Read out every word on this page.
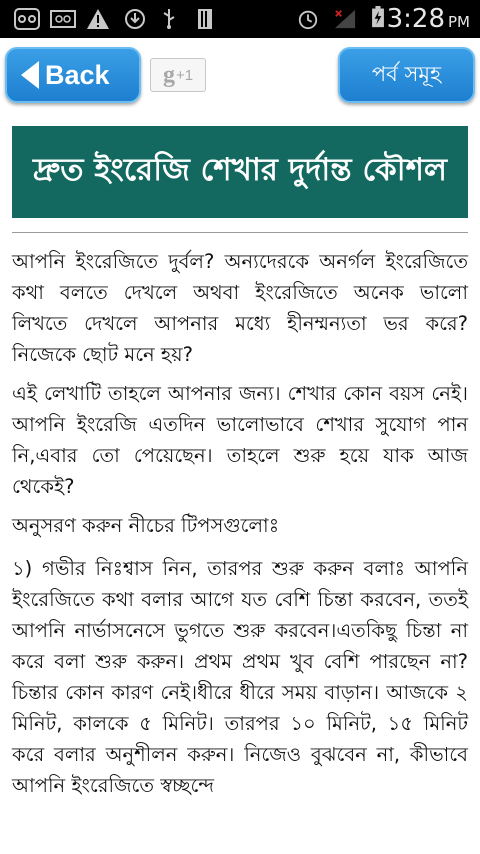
3:28 PM
Back g +1	পর্ব সমূহ
দ্রুত ইংরেজি শেখার দুর্দান্ত কৌশল

আপনি ইংরেজিতে দুর্বল? অন্যদেরকে অনর্গল ইংরেজিতে কথা বলতে দেখলে অথবা ইংরেজিতে অনেক ভালো লিখতে দেখলে আপনার মধ্যে হীনম্মন্যতা ভর করে? নিজেকে ছোট মনে হয়?

এই লেখাটি তাহলে আপনার জন্য। শেখার কোন বয়স নেই। আপনি ইংরেজি এতদিন ভালোভাবে শেখার সুযোগ পান নি,এবার তো পেয়েছেন। তাহলে শুরু হয়ে যাক আজ থেকেই?

অনুসরণ করুন নীচের টিপসগুলোঃ

১) গভীর নিঃশ্বাস নিন, তারপর শুরু করুন বলাঃ আপনি ইংরেজিতে কথা বলার আগে যত বেশি চিন্তা করবেন, ততই আপনি নার্ভাসনেসে ভুগতে শুরু করবেন।এতকিছু চিন্তা না করে বলা শুরু করুন। প্রথম প্রথম খুব বেশি পারছেন না? চিন্তার কোন কারণ নেই।ধীরে ধীরে সময় বাড়ান। আজকে ২ মিনিট, কালকে ৫ মিনিট। তারপর ১০ মিনিট, ১৫ মিনিট করে বলার অনুশীলন করুন। নিজেও বুঝবেন না, কীভাবে আপনি ইংরেজিতে স্বচ্ছন্দে
